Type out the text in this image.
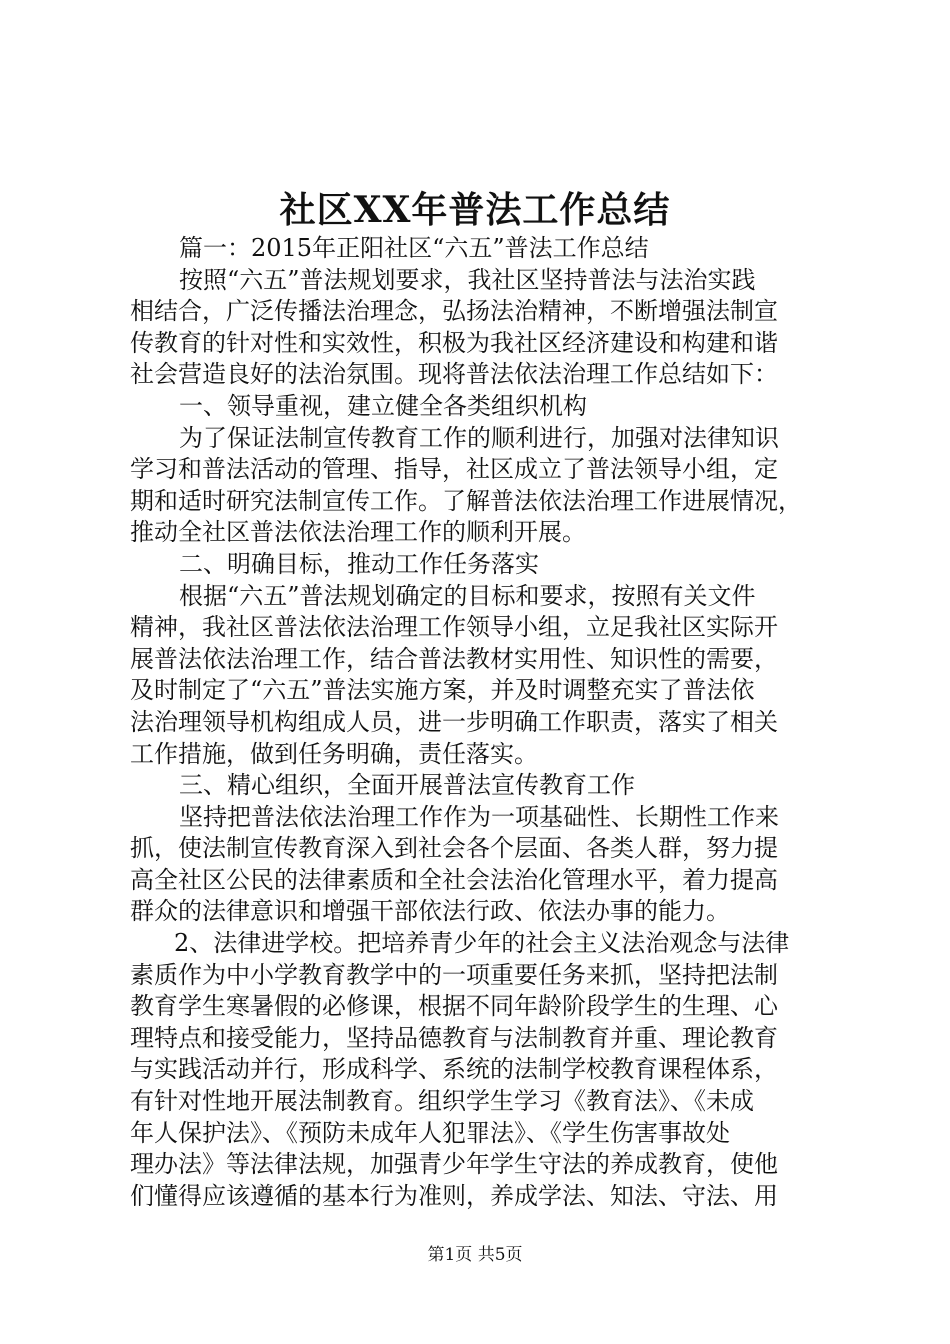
社区XX年普法工作总结
篇一：2015年正阳社区“六五”普法工作总结
按照“六五”普法规划要求，我社区坚持普法与法治实践
相结合，广泛传播法治理念，弘扬法治精神，不断增强法制宣
传教育的针对性和实效性，积极为我社区经济建设和构建和谐
社会营造良好的法治氛围。现将普法依法治理工作总结如下：
一、领导重视，建立健全各类组织机构
为了保证法制宣传教育工作的顺利进行，加强对法律知识
学习和普法活动的管理、指导，社区成立了普法领导小组，定
期和适时研究法制宣传工作。了解普法依法治理工作进展情况，
推动全社区普法依法治理工作的顺利开展。
二、明确目标，推动工作任务落实
根据“六五”普法规划确定的目标和要求，按照有关文件
精神，我社区普法依法治理工作领导小组，立足我社区实际开
展普法依法治理工作，结合普法教材实用性、知识性的需要，
及时制定了“六五”普法实施方案，并及时调整充实了普法依
法治理领导机构组成人员，进一步明确工作职责，落实了相关
工作措施，做到任务明确，责任落实。
三、精心组织，全面开展普法宣传教育工作
坚持把普法依法治理工作作为一项基础性、长期性工作来
抓，使法制宣传教育深入到社会各个层面、各类人群，努力提
高全社区公民的法律素质和全社会法治化管理水平，着力提高
群众的法律意识和增强干部依法行政、依法办事的能力。
2、法律进学校。把培养青少年的社会主义法治观念与法律
素质作为中小学教育教学中的一项重要任务来抓，坚持把法制
教育学生寒暑假的必修课，根据不同年龄阶段学生的生理、心
理特点和接受能力，坚持品德教育与法制教育并重、理论教育
与实践活动并行，形成科学、系统的法制学校教育课程体系，
有针对性地开展法制教育。组织学生学习《教育法》、《未成
年人保护法》、《预防未成年人犯罪法》、《学生伤害事故处
理办法》等法律法规，加强青少年学生守法的养成教育，使他
们懂得应该遵循的基本行为准则，养成学法、知法、守法、用
第1页 共5页
